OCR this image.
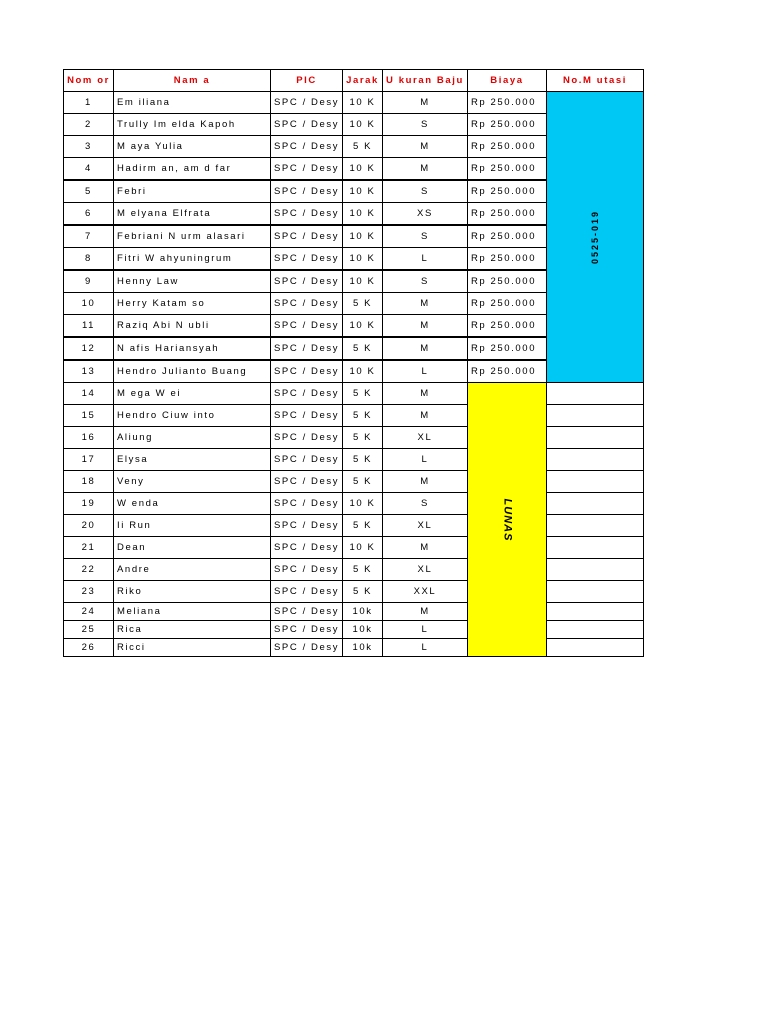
Nom or	Nam a	PIC	Jarak	U kuran Baju	Biaya	No.M utasi
1	Em iliana	SPC / Desy	10 K	M	Rp 250.000	0525-019
2	Trully Im elda Kapoh	SPC / Desy	10 K	S	Rp 250.000	
3	M aya Yulia	SPC / Desy	5 K	M	Rp 250.000	
4	Hadirm an, am d far	SPC / Desy	10 K	M	Rp 250.000	
5	Febri	SPC / Desy	10 K	S	Rp 250.000	
6	M elyana Elfrata	SPC / Desy	10 K	XS	Rp 250.000	
7	Febriani N urm alasari	SPC / Desy	10 K	S	Rp 250.000	
8	Fitri W ahyuningrum	SPC / Desy	10 K	L	Rp 250.000	
9	Henny Law	SPC / Desy	10 K	S	Rp 250.000	
10	Herry Katam so	SPC / Desy	5 K	M	Rp 250.000	
11	Raziq Abi N ubli	SPC / Desy	10 K	M	Rp 250.000	
12	N afis Hariansyah	SPC / Desy	5 K	M	Rp 250.000	
13	Hendro Julianto Buang	SPC / Desy	10 K	L	Rp 250.000	
14	M ega W ei	SPC / Desy	5 K	M	LUNAS	
15	Hendro Ciuw into	SPC / Desy	5 K	M		
16	Aliung	SPC / Desy	5 K	XL		
17	Elysa	SPC / Desy	5 K	L		
18	Veny	SPC / Desy	5 K	M		
19	W enda	SPC / Desy	10 K	S		
20	Ii Run	SPC / Desy	5 K	XL		
21	Dean	SPC / Desy	10 K	M		
22	Andre	SPC / Desy	5 K	XL		
23	Riko	SPC / Desy	5 K	XXL		
24	Meliana	SPC / Desy	10k	M		
25	Rica	SPC / Desy	10k	L		
26	Ricci	SPC / Desy	10k	L		
